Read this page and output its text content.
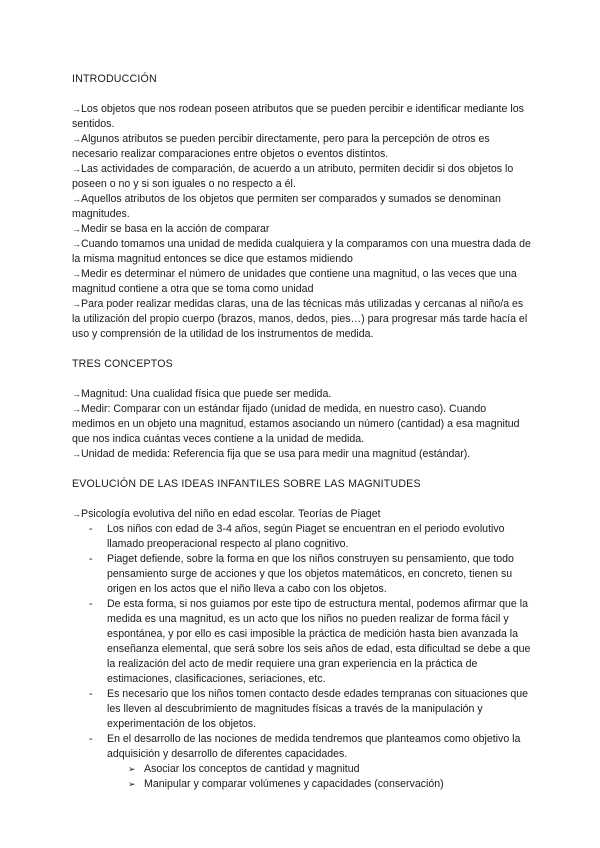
INTRODUCCIÓN

→Los objetos que nos rodean poseen atributos que se pueden percibir e identificar mediante los sentidos.

→Algunos atributos se pueden percibir directamente, pero para la percepción de otros es necesario realizar comparaciones entre objetos o eventos distintos.

→Las actividades de comparación, de acuerdo a un atributo, permiten decidir si dos objetos lo poseen o no y si son iguales o no respecto a él.

→Aquellos atributos de los objetos que permiten ser comparados y sumados se denominan magnitudes.

→Medir se basa en la acción de comparar

→Cuando tomamos una unidad de medida cualquiera y la comparamos con una muestra dada de la misma magnitud entonces se dice que estamos midiendo

→Medir es determinar el número de unidades que contiene una magnitud, o las veces que una magnitud contiene a otra que se toma como unidad

→Para poder realizar medidas claras, una de las técnicas más utilizadas y cercanas al niño/a es la utilización del propio cuerpo (brazos, manos, dedos, pies…) para progresar más tarde hacía el uso y comprensión de la utilidad de los instrumentos de medida.

TRES CONCEPTOS

→Magnitud: Una cualidad física que puede ser medida.

→Medir: Comparar con un estándar fijado (unidad de medida, en nuestro caso). Cuando medimos en un objeto una magnitud, estamos asociando un número (cantidad) a esa magnitud que nos indica cuántas veces contiene a la unidad de medida.

→Unidad de medida: Referencia fija que se usa para medir una magnitud (estándar).

EVOLUCIÓN DE LAS IDEAS INFANTILES SOBRE LAS MAGNITUDES

→Psicología evolutiva del niño en edad escolar. Teorías de Piaget

- Los niños con edad de 3-4 años, según Piaget se encuentran en el periodo evolutivo llamado preoperacional respecto al plano cognitivo.
- Piaget defiende, sobre la forma en que los niños construyen su pensamiento, que todo pensamiento surge de acciones y que los objetos matemáticos, en concreto, tienen su origen en los actos que el niño lleva a cabo con los objetos.
- De esta forma, si nos guiamos por este tipo de estructura mental, podemos afirmar que la medida es una magnitud, es un acto que los niños no pueden realizar de forma fácil y espontánea, y por ello es casi imposible la práctica de medición hasta bien avanzada la enseñanza elemental, que será sobre los seis años de edad, esta dificultad se debe a que la realización del acto de medir requiere una gran experiencia en la práctica de estimaciones, clasificaciones, seriaciones, etc.
- Es necesario que los niños tomen contacto desde edades tempranas con situaciones que les lleven al descubrimiento de magnitudes físicas a través de la manipulación y experimentación de los objetos.
- En el desarrollo de las nociones de medida tendremos que planteamos como objetivo la adquisición y desarrollo de diferentes capacidades.
➢ Asociar los conceptos de cantidad y magnitud
➢ Manipular y comparar volúmenes y capacidades (conservación)
